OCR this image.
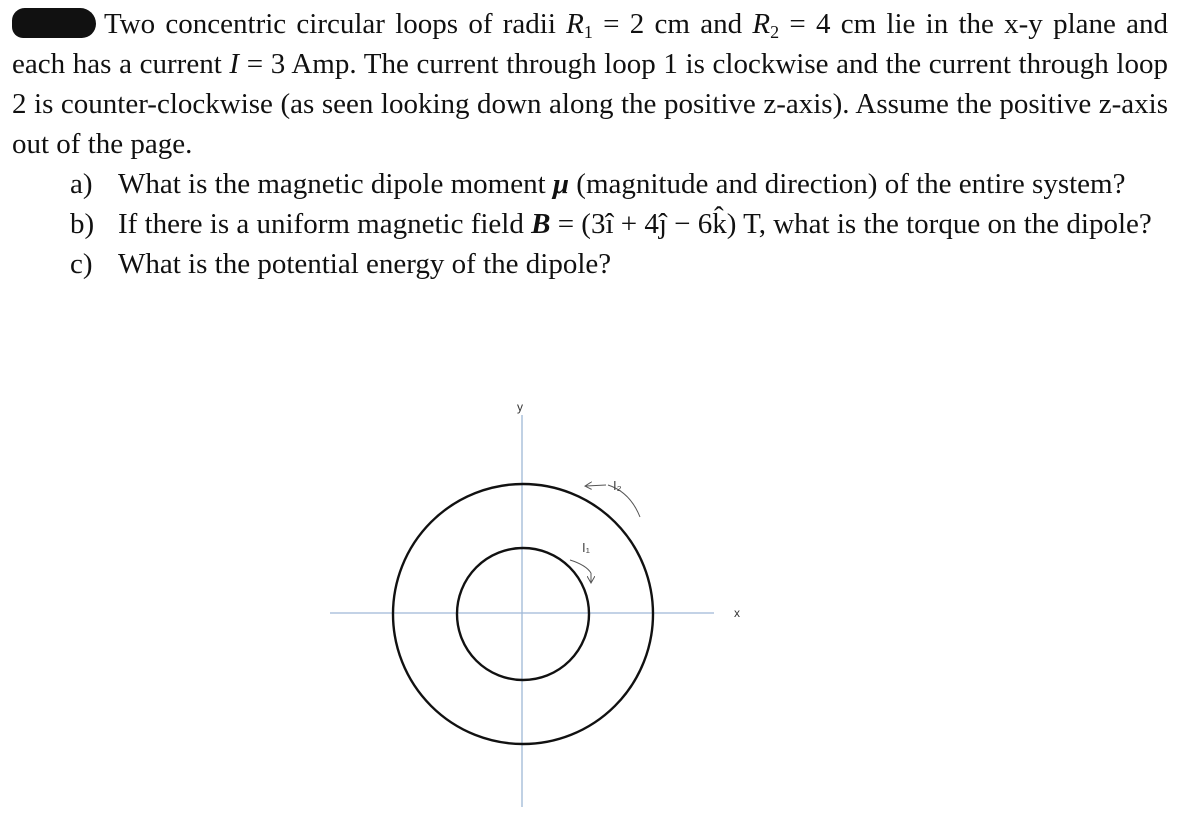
Two concentric circular loops of radii $R_1 = 2$ cm and $R_2 = 4$ cm lie in the x-y plane and each has a current I = 3 Amp. The current through loop 1 is clockwise and the current through loop 2 is counter-clockwise (as seen looking down along the positive z-axis). Assume the positive z-axis out of the page.

a) What is the magnetic dipole moment μ (magnitude and direction) of the entire system?
b) If there is a uniform magnetic field B = (3î + 4ĵ − 6k̂) T, what is the torque on the dipole?
c) What is the potential energy of the dipole?
y
x
I₁
I₂
